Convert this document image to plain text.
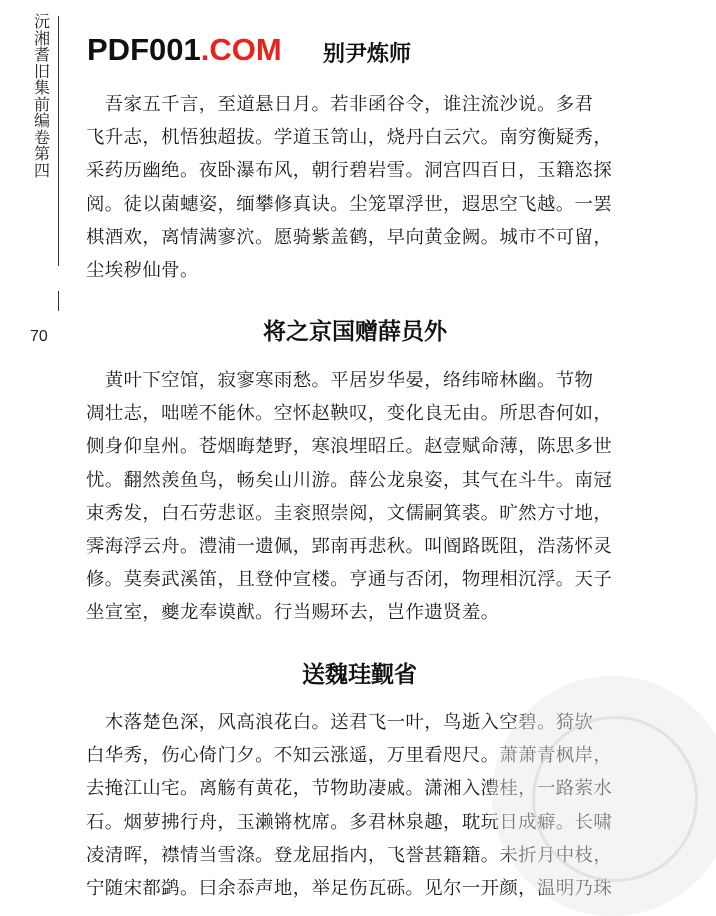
沅
湘
耆
旧
集
前
编
卷
第
四
70
PDF001.COM 别尹炼师
　吾家五千言，至道悬日月。若非函谷令，谁注流沙说。多君
飞升志，机悟独超拔。学道玉笥山，烧丹白云穴。南穷衡疑秀，
采药历幽绝。夜卧瀑布风，朝行碧岩雪。洞宫四百日，玉籍恣探
阅。徒以菌蟪姿，缅攀修真诀。尘笼罩浮世，遐思空飞越。一罢
棋酒欢，离情满寥泬。愿骑紫盖鹤，早向黄金阙。城市不可留，
尘埃秽仙骨。
将之京国赠薛员外
　黄叶下空馆，寂寥寒雨愁。平居岁华晏，络纬啼林幽。节物
凋壮志，咄嗟不能休。空怀赵鞅叹，变化良无由。所思杳何如，
侧身仰皇州。苍烟晦楚野，寒浪埋昭丘。赵壹赋命薄，陈思多世
忧。翻然羡鱼鸟，畅矣山川游。薛公龙泉姿，其气在斗牛。南冠
束秀发，白石劳悲讴。圭衮照崇阅，文儒嗣箕裘。旷然方寸地，
霁海浮云舟。澧浦一遗佩，郢南再悲秋。叫阍路既阻，浩荡怀灵
修。莫奏武溪笛，且登仲宣楼。亨通与否闭，物理相沉浮。天子
坐宣室，夔龙奉谟猷。行当赐环去，岂作遗贤羞。
送魏珪觐省
　木落楚色深，风高浪花白。送君飞一叶，鸟逝入空碧。猗欤
白华秀，伤心倚门夕。不知云涨遥，万里看咫尺。萧萧青枫岸，
去掩江山宅。离觞有黄花，节物助凄戚。潇湘入澧桂，一路萦水
石。烟萝拂行舟，玉濑锵枕席。多君林泉趣，耽玩日成癖。长啸
凌清晖，襟情当雪涤。登龙屈指内，飞誉甚籍籍。未折月中枝，
宁随宋都鹢。曰余忝声地，举足伤瓦砾。见尔一开颜，温明乃珠
